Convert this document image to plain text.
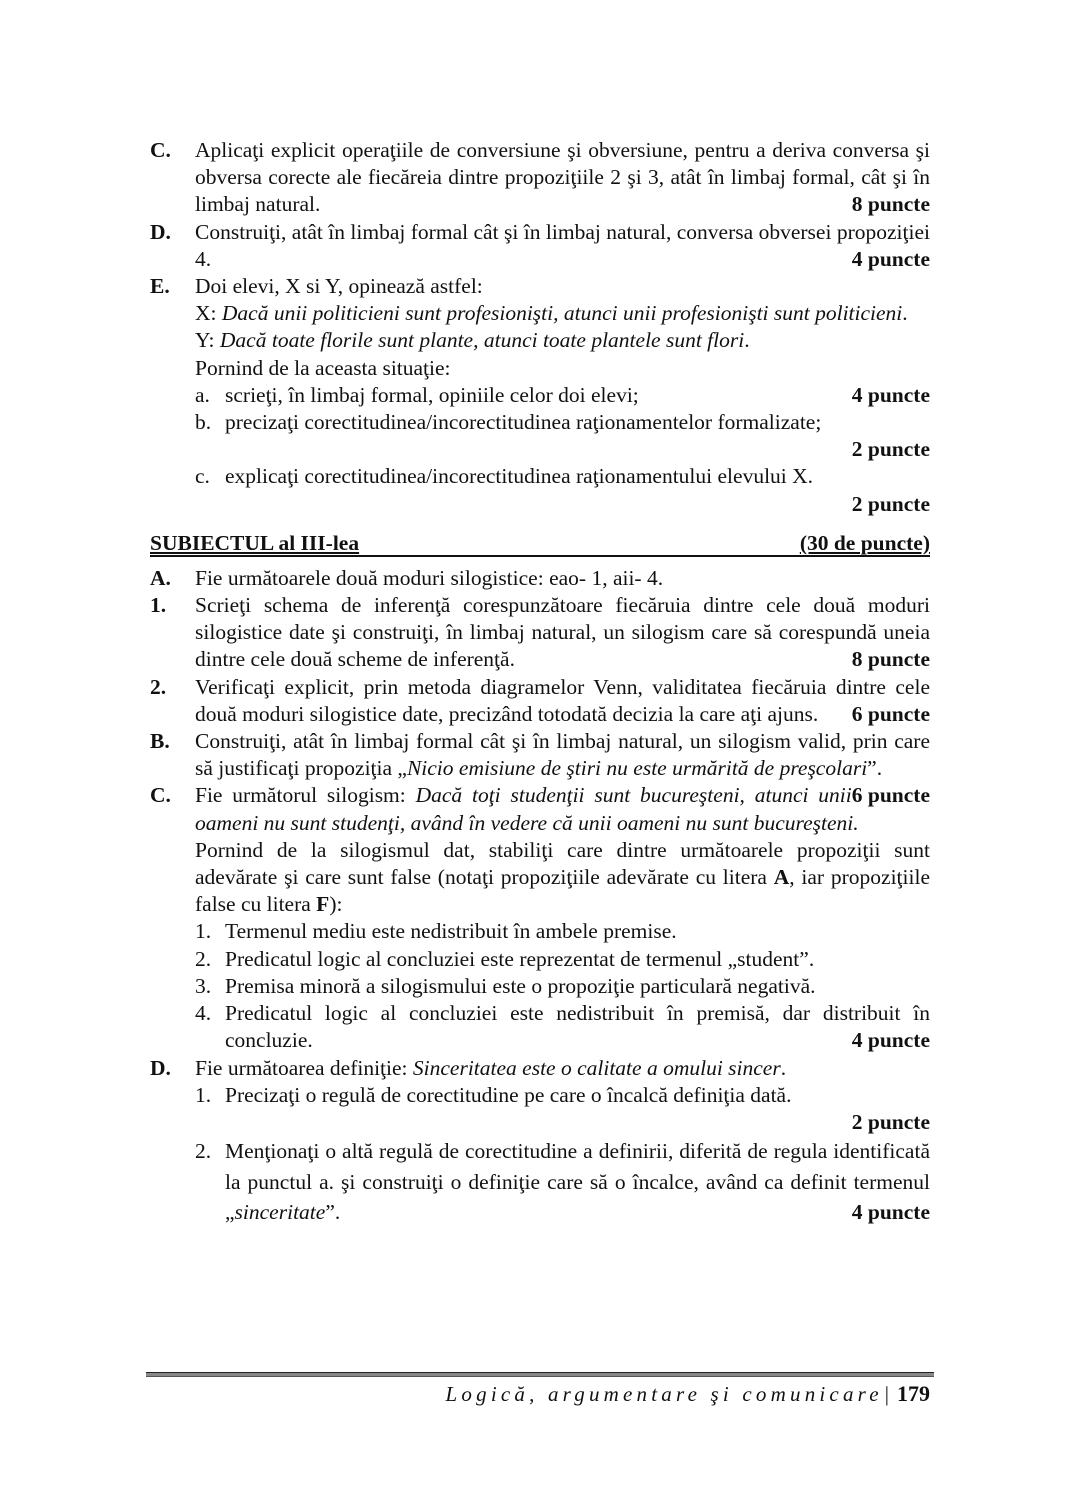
C. Aplicaţi explicit operaţiile de conversiune şi obversiune, pentru a deriva conversa şi obversa corecte ale fiecăreia dintre propoziţiile 2 şi 3, atât în limbaj formal, cât şi în limbaj natural.	8 puncte
D. Construiţi, atât în limbaj formal cât şi în limbaj natural, conversa obversei propoziţiei 4.	4 puncte
E. Doi elevi, X si Y, opinează astfel:
X: Dacă unii politicieni sunt profesionişti, atunci unii profesionişti sunt politicieni.
Y: Dacă toate florile sunt plante, atunci toate plantele sunt flori.
Pornind de la aceasta situaţie:
a. scrieţi, în limbaj formal, opiniile celor doi elevi;	4 puncte
b. precizaţi corectitudinea/incorectitudinea raţionamentelor formalizate;
2 puncte
c. explicaţi corectitudinea/incorectitudinea raţionamentului elevului X.
2 puncte
SUBIECTUL al III-lea	(30 de puncte)
A. Fie următoarele două moduri silogistice: eao- 1, aii- 4.
1. Scrieţi schema de inferenţă corespunzătoare fiecăruia dintre cele două moduri silogistice date şi construiţi, în limbaj natural, un silogism care să corespundă uneia dintre cele două scheme de inferenţă.	8 puncte
2. Verificaţi explicit, prin metoda diagramelor Venn, validitatea fiecăruia dintre cele două moduri silogistice date, precizând totodată decizia la care aţi ajuns. 6 puncte
B. Construiţi, atât în limbaj formal cât şi în limbaj natural, un silogism valid, prin care să justificaţi propoziţia „Nicio emisiune de ştiri nu este urmărită de preşcolari”.
6 puncte
C. Fie următorul silogism: Dacă toţi studenţii sunt bucureşteni, atunci unii oameni nu sunt studenţi, având în vedere că unii oameni nu sunt bucureşteni.
Pornind de la silogismul dat, stabiliţi care dintre următoarele propoziţii sunt adevărate şi care sunt false (notaţi propoziţiile adevărate cu litera A, iar propoziţiile false cu litera F):
1. Termenul mediu este nedistribuit în ambele premise.
2. Predicatul logic al concluziei este reprezentat de termenul „student”.
3. Premisa minoră a silogismului este o propoziţie particulară negativă.
4. Predicatul logic al concluziei este nedistribuit în premisă, dar distribuit în concluzie.	4 puncte
D. Fie următoarea definiţie: Sinceritatea este o calitate a omului sincer.
1. Precizaţi o regulă de corectitudine pe care o încalcă definiţia dată.
2 puncte
2. Menţionaţi o altă regulă de corectitudine a definirii, diferită de regula identificată la punctul a. şi construiţi o definiţie care să o încalce, având ca definit termenul „sinceritate”.	4 puncte
Logică, argumentare şi comunicare | 179
